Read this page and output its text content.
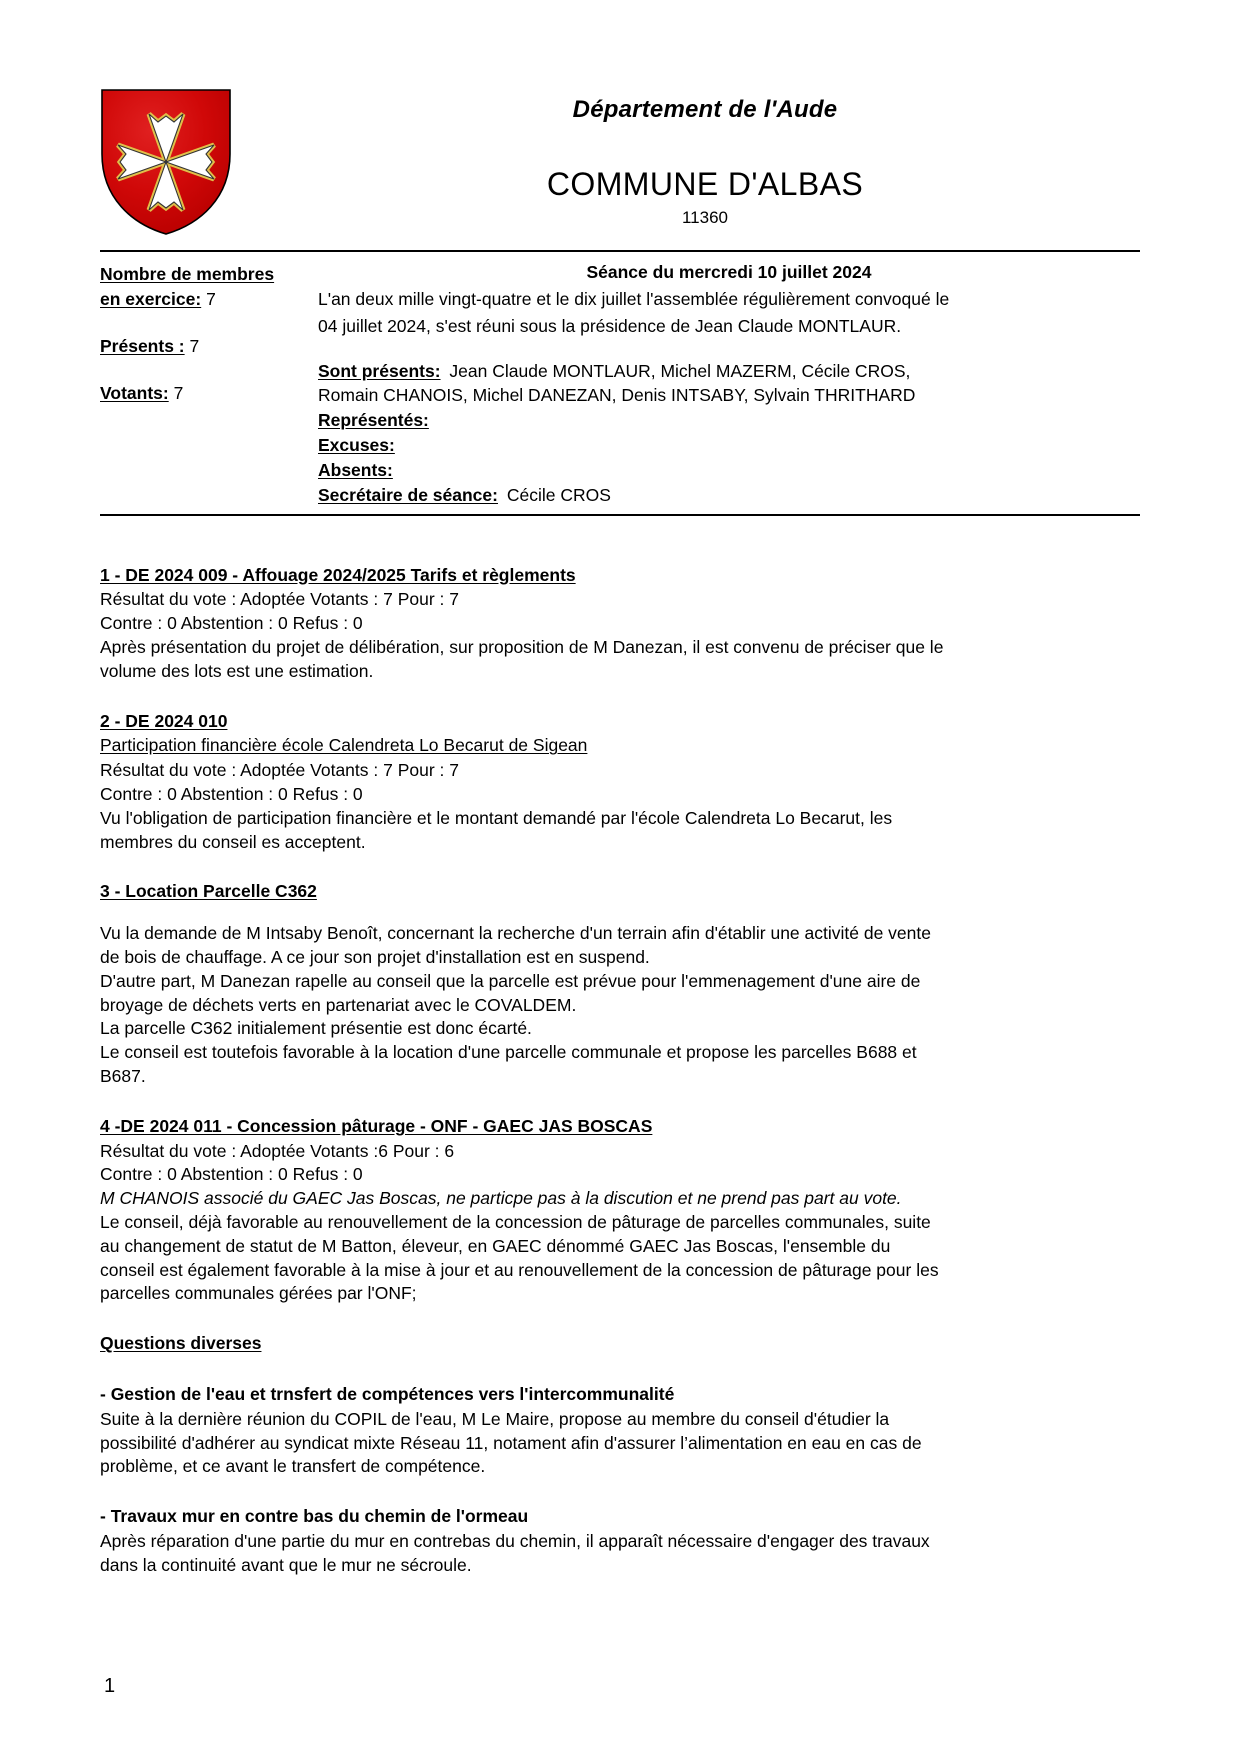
Département de l'Aude
COMMUNE D'ALBAS
11360
Nombre de membres
en exercice: 7
Présents : 7
Votants: 7
Séance du mercredi 10 juillet 2024
L'an deux mille vingt-quatre et le dix juillet l'assemblée régulièrement convoqué le
04 juillet 2024, s'est réuni sous la présidence de Jean Claude MONTLAUR.
Sont présents: Jean Claude MONTLAUR, Michel MAZERM, Cécile CROS,
Romain CHANOIS, Michel DANEZAN, Denis INTSABY, Sylvain THRITHARD
Représentés:
Excuses:
Absents:
Secrétaire de séance: Cécile CROS
1 - DE 2024 009 - Affouage 2024/2025 Tarifs et règlements
Résultat du vote : Adoptée Votants : 7 Pour : 7
Contre : 0 Abstention : 0 Refus : 0
Après présentation du projet de délibération, sur proposition de M Danezan, il est convenu de préciser que le
volume des lots est une estimation.
2 - DE 2024 010
Participation financière école Calendreta Lo Becarut de Sigean
Résultat du vote : Adoptée Votants : 7 Pour : 7
Contre : 0 Abstention : 0 Refus : 0
Vu l'obligation de participation financière et le montant demandé par l'école Calendreta Lo Becarut, les
membres du conseil es acceptent.
3 - Location Parcelle C362
Vu la demande de M Intsaby Benoît, concernant la recherche d'un terrain afin d'établir une activité de vente
de bois de chauffage. A ce jour son projet d'installation est en suspend.
D'autre part, M Danezan rapelle au conseil que la parcelle est prévue pour l'emmenagement d'une aire de
broyage de déchets verts en partenariat avec le COVALDEM.
La parcelle C362 initialement présentie est donc écarté.
Le conseil est toutefois favorable à la location d'une parcelle communale et propose les parcelles B688 et
B687.
4 -DE 2024 011 - Concession pâturage - ONF - GAEC JAS BOSCAS
Résultat du vote : Adoptée Votants :6 Pour : 6
Contre : 0 Abstention : 0 Refus : 0
M CHANOIS associé du GAEC Jas Boscas, ne particpe pas à la discution et ne prend pas part au vote.
Le conseil, déjà favorable au renouvellement de la concession de pâturage de parcelles communales, suite
au changement de statut de M Batton, éleveur, en GAEC dénommé GAEC Jas Boscas, l'ensemble du
conseil est également favorable à la mise à jour et au renouvellement de la concession de pâturage pour les
parcelles communales gérées par l'ONF;
Questions diverses
- Gestion de l'eau et trnsfert de compétences vers l'intercommunalité
Suite à la dernière réunion du COPIL de l'eau, M Le Maire, propose au membre du conseil d'étudier la
possibilité d'adhérer au syndicat mixte Réseau 11, notament afin d'assurer l’alimentation en eau en cas de
problème, et ce avant le transfert de compétence.
- Travaux mur en contre bas du chemin de l'ormeau
Après réparation d'une partie du mur en contrebas du chemin, il apparaît nécessaire d'engager des travaux
dans la continuité avant que le mur ne sécroule.
1
